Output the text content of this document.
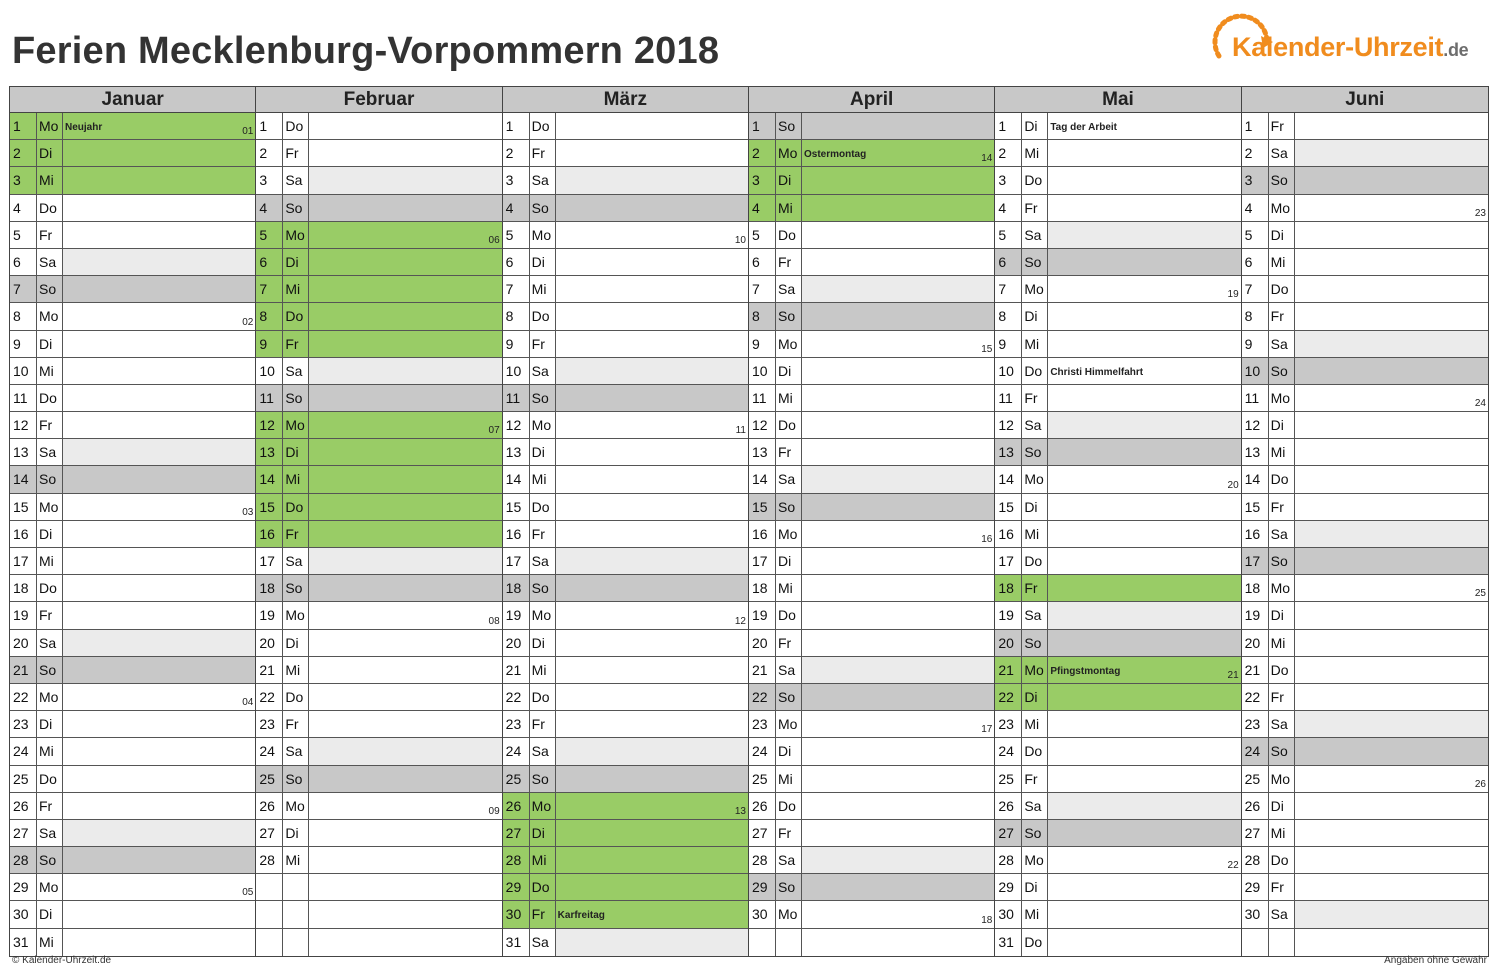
Ferien Mecklenburg-Vorpommern 2018	Kalender-Uhrzeit.de
Januar
1	Mo Neujahr	01
2	Di
3	Mi
4	Do
5	Fr
6	Sa
7	So
8	Mo	02
9	Di
10 Mi
11 Do
12 Fr
13 Sa
14 So
15 Mo	03
16 Di
17 Mi
18 Do
19 Fr
20 Sa
21 So
22 Mo	04
23 Di
24 Mi
25 Do
26 Fr
27 Sa
28 So
29 Mo	05
30 Di
31 Mi
Februar
1	Do
2	Fr
3	Sa
4	So
5	Mo	06
6	Di
7	Mi
8	Do
9	Fr
10 Sa
11 So
12 Mo	07
13 Di
14 Mi
15 Do
16 Fr
17 Sa
18 So
19 Mo	08
20 Di
21 Mi
22 Do
23 Fr
24 Sa
25 So
26 Mo	09
27 Di
28 Mi
März
1	Do
2	Fr
3	Sa
4	So
5	Mo	10
6	Di
7	Mi
8	Do
9	Fr
10 Sa
11 So
12 Mo	11
13 Di
14 Mi
15 Do
16 Fr
17 Sa
18 So
19 Mo	12
20 Di
21 Mi
22 Do
23 Fr
24 Sa
25 So
26 Mo	13
27 Di
28 Mi
29 Do
30 Fr	Karfreitag
31 Sa
April
1	So
2	Mo Ostermontag	14
3	Di
4	Mi
5	Do
6	Fr
7	Sa
8	So
9	Mo	15
10 Di
11 Mi
12 Do
13 Fr
14 Sa
15 So
16 Mo	16
17 Di
18 Mi
19 Do
20 Fr
21 Sa
22 So
23 Mo	17
24 Di
25 Mi
26 Do
27 Fr
28 Sa
29 So
30 Mo	18
Mai
1	Di	Tag der Arbeit
2	Mi
3	Do
4	Fr
5	Sa
6	So
7	Mo	19
8	Di
9	Mi
10 Do Christi Himmelfahrt
11 Fr
12 Sa
13 So
14 Mo	20
15 Di
16 Mi
17 Do
18 Fr
19 Sa
20 So
21 Mo Pfingstmontag	21
22 Di
23 Mi
24 Do
25 Fr
26 Sa
27 So
28 Mo	22
29 Di
30 Mi
31 Do
Juni
1	Fr
2	Sa
3	So
4	Mo	23
5	Di
6	Mi
7	Do
8	Fr
9	Sa
10 So
11 Mo	24
12 Di
13 Mi
14 Do
15 Fr
16 Sa
17 So
18 Mo	25
19 Di
20 Mi
21 Do
22 Fr
23 Sa
24 So
25 Mo	26
26 Di
27 Mi
28 Do
29 Fr
30 Sa
© Kalender-Uhrzeit.de	Angaben ohne Gewähr
